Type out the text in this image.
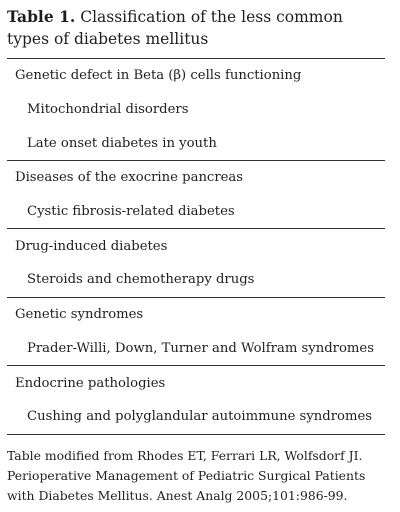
Table 1. Classification of the less common
types of diabetes mellitus
Genetic defect in Beta (β) cells functioning
Mitochondrial disorders
Late onset diabetes in youth
Diseases of the exocrine pancreas
Cystic fibrosis-related diabetes
Drug-induced diabetes
Steroids and chemotherapy drugs
Genetic syndromes
Prader-Willi, Down, Turner and Wolfram syndromes
Endocrine pathologies
Cushing and polyglandular autoimmune syndromes
Table modified from Rhodes ET, Ferrari LR, Wolfsdorf JI.
Perioperative Management of Pediatric Surgical Patients
with Diabetes Mellitus. Anest Analg 2005;101:986-99.
